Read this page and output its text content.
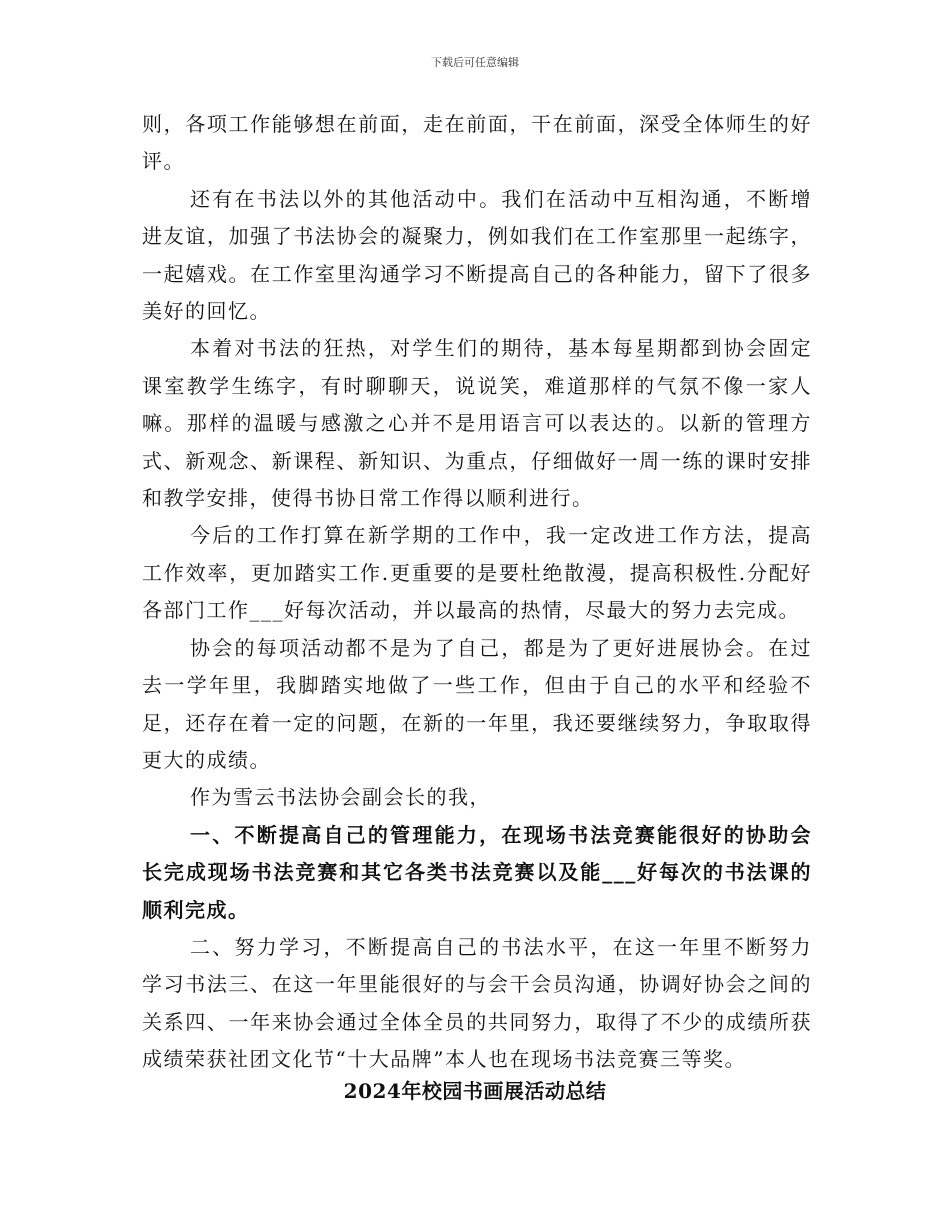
下载后可任意编辑

则，各项工作能够想在前面，走在前面，干在前面，深受全体师生的好评。

还有在书法以外的其他活动中。我们在活动中互相沟通，不断增进友谊，加强了书法协会的凝聚力，例如我们在工作室那里一起练字，一起嬉戏。在工作室里沟通学习不断提高自己的各种能力，留下了很多美好的回忆。

本着对书法的狂热，对学生们的期待，基本每星期都到协会固定课室教学生练字，有时聊聊天，说说笑，难道那样的气氛不像一家人嘛。那样的温暖与感激之心并不是用语言可以表达的。以新的管理方式、新观念、新课程、新知识、为重点，仔细做好一周一练的课时安排和教学安排，使得书协日常工作得以顺利进行。

今后的工作打算在新学期的工作中，我一定改进工作方法，提高工作效率，更加踏实工作.更重要的是要杜绝散漫，提高积极性.分配好各部门工作___好每次活动，并以最高的热情，尽最大的努力去完成。

协会的每项活动都不是为了自己，都是为了更好进展协会。在过去一学年里，我脚踏实地做了一些工作，但由于自己的水平和经验不足，还存在着一定的问题，在新的一年里，我还要继续努力，争取取得更大的成绩。

作为雪云书法协会副会长的我，

一、不断提高自己的管理能力，在现场书法竞赛能很好的协助会长完成现场书法竞赛和其它各类书法竞赛以及能___好每次的书法课的顺利完成。

二、努力学习，不断提高自己的书法水平，在这一年里不断努力学习书法三、在这一年里能很好的与会干会员沟通，协调好协会之间的关系四、一年来协会通过全体全员的共同努力，取得了不少的成绩所获成绩荣获社团文化节“十大品牌”本人也在现场书法竞赛三等奖。

2024年校园书画展活动总结
